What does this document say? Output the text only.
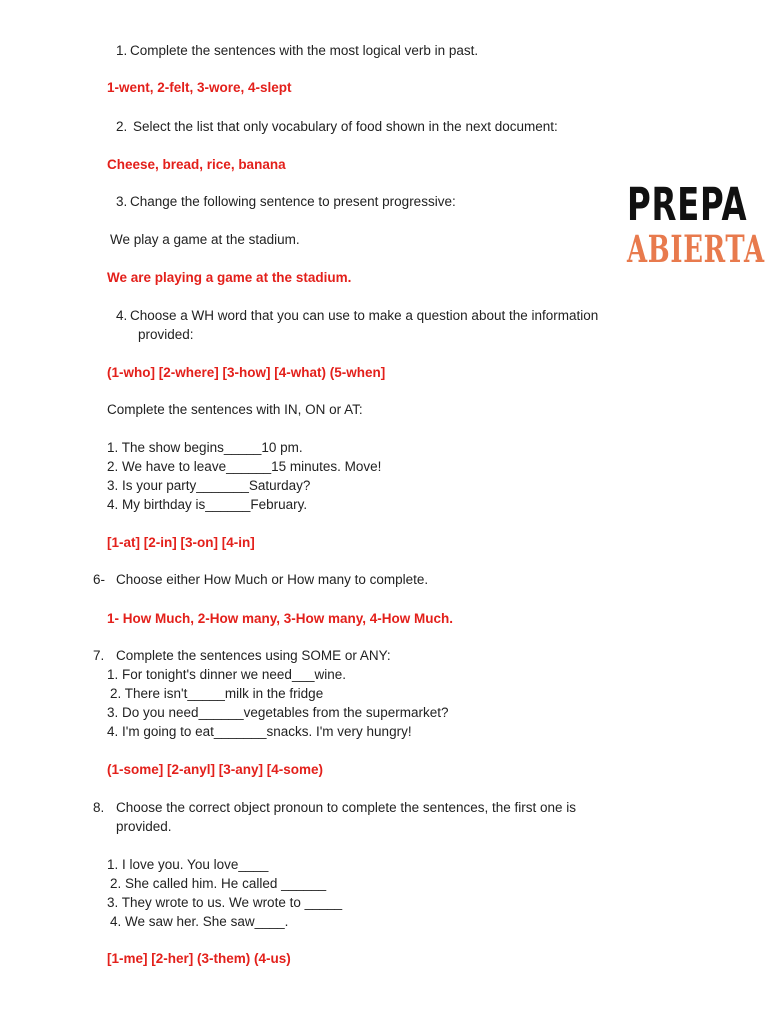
1. Complete the sentences with the most logical verb in past.
1-went, 2-felt, 3-wore, 4-slept
2. Select the list that only vocabulary of food shown in the next document:
Cheese, bread, rice, banana
3. Change the following sentence to present progressive:
We play a game at the stadium.
We are playing a game at the stadium.
4. Choose a WH word that you can use to make a question about the information
provided:
(1-who] [2-where] [3-how] [4-what) (5-when]
Complete the sentences with IN, ON or AT:
1. The show begins_____10 pm.
2. We have to leave______15 minutes. Move!
3. Is your party_______Saturday?
4. My birthday is______February.
[1-at] [2-in] [3-on] [4-in]
6- Choose either How Much or How many to complete.
1- How Much, 2-How many, 3-How many, 4-How Much.
7. Complete the sentences using SOME or ANY:
1. For tonight's dinner we need___wine.
2. There isn't_____milk in the fridge
3. Do you need______vegetables from the supermarket?
4. I'm going to eat_______snacks. I'm very hungry!
(1-some] [2-anyl] [3-any] [4-some)
8. Choose the correct object pronoun to complete the sentences, the first one is
provided.
1. I love you. You love____
2. She called him. He called ______
3. They wrote to us. We wrote to _____
4. We saw her. She saw____.
[1-me] [2-her] (3-them) (4-us)
PREPA
ABIERTA
